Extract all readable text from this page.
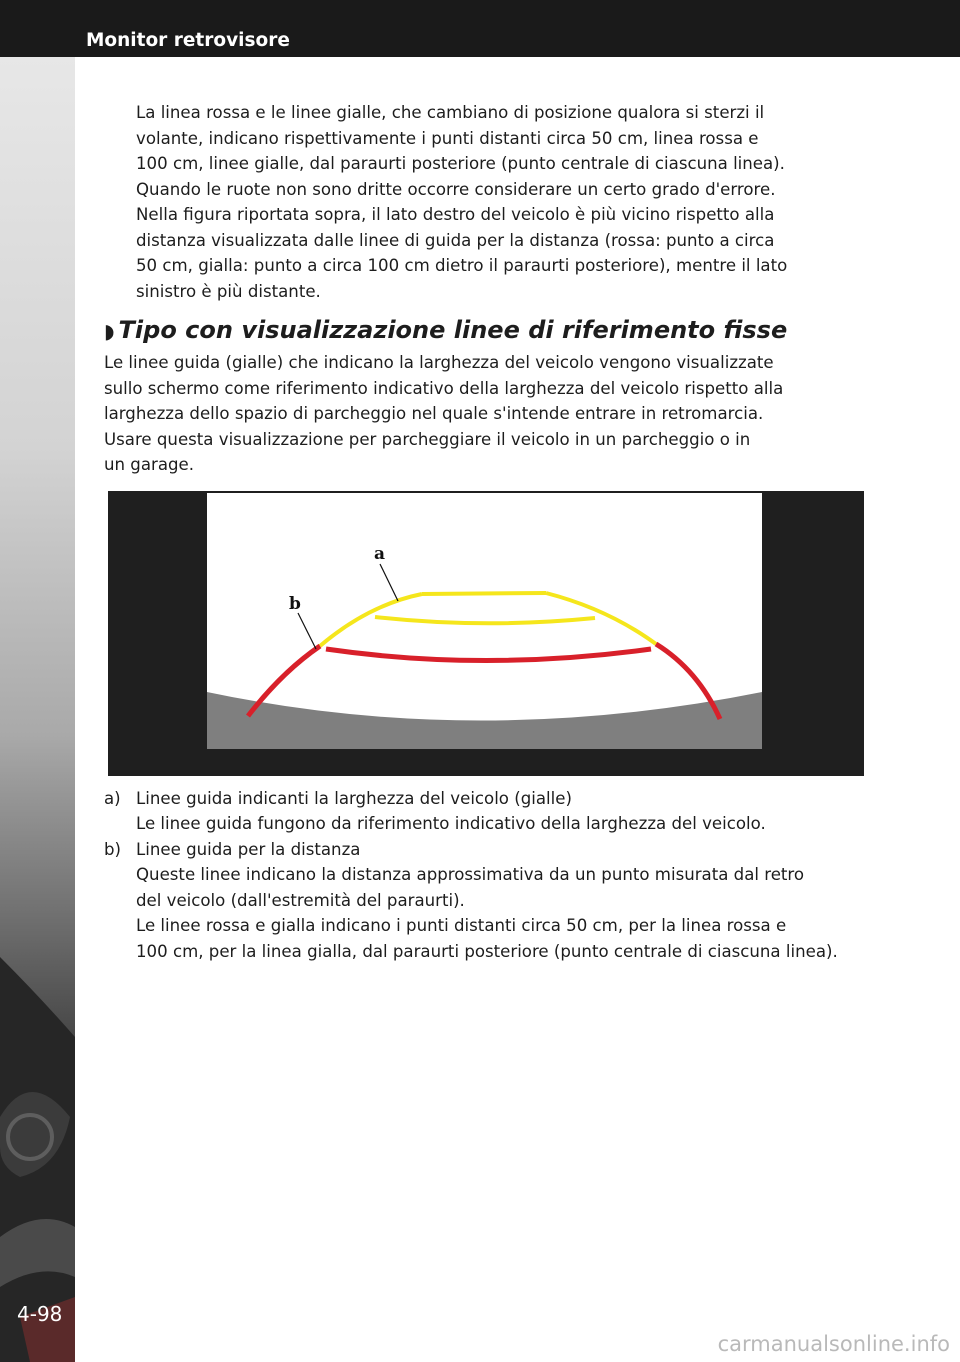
Monitor retrovisore
4-98
La linea rossa e le linee gialle, che cambiano di posizione qualora si sterzi il
volante, indicano rispettivamente i punti distanti circa 50 cm, linea rossa e
100 cm, linee gialle, dal paraurti posteriore (punto centrale di ciascuna linea).
Quando le ruote non sono dritte occorre considerare un certo grado d'errore.
Nella figura riportata sopra, il lato destro del veicolo è più vicino rispetto alla
distanza visualizzata dalle linee di guida per la distanza (rossa: punto a circa
50 cm, gialla: punto a circa 100 cm dietro il paraurti posteriore), mentre il lato
sinistro è più distante.
◗ Tipo con visualizzazione linee di riferimento fisse
Le linee guida (gialle) che indicano la larghezza del veicolo vengono visualizzate
sullo schermo come riferimento indicativo della larghezza del veicolo rispetto alla
larghezza dello spazio di parcheggio nel quale s'intende entrare in retromarcia.
Usare questa visualizzazione per parcheggiare il veicolo in un parcheggio o in
un garage.
a
b
a) Linee guida indicanti la larghezza del veicolo (gialle)
Le linee guida fungono da riferimento indicativo della larghezza del veicolo.
b) Linee guida per la distanza
Queste linee indicano la distanza approssimativa da un punto misurata dal retro
del veicolo (dall'estremità del paraurti).
Le linee rossa e gialla indicano i punti distanti circa 50 cm, per la linea rossa e
100 cm, per la linea gialla, dal paraurti posteriore (punto centrale di ciascuna linea).
carmanualsonline.info
